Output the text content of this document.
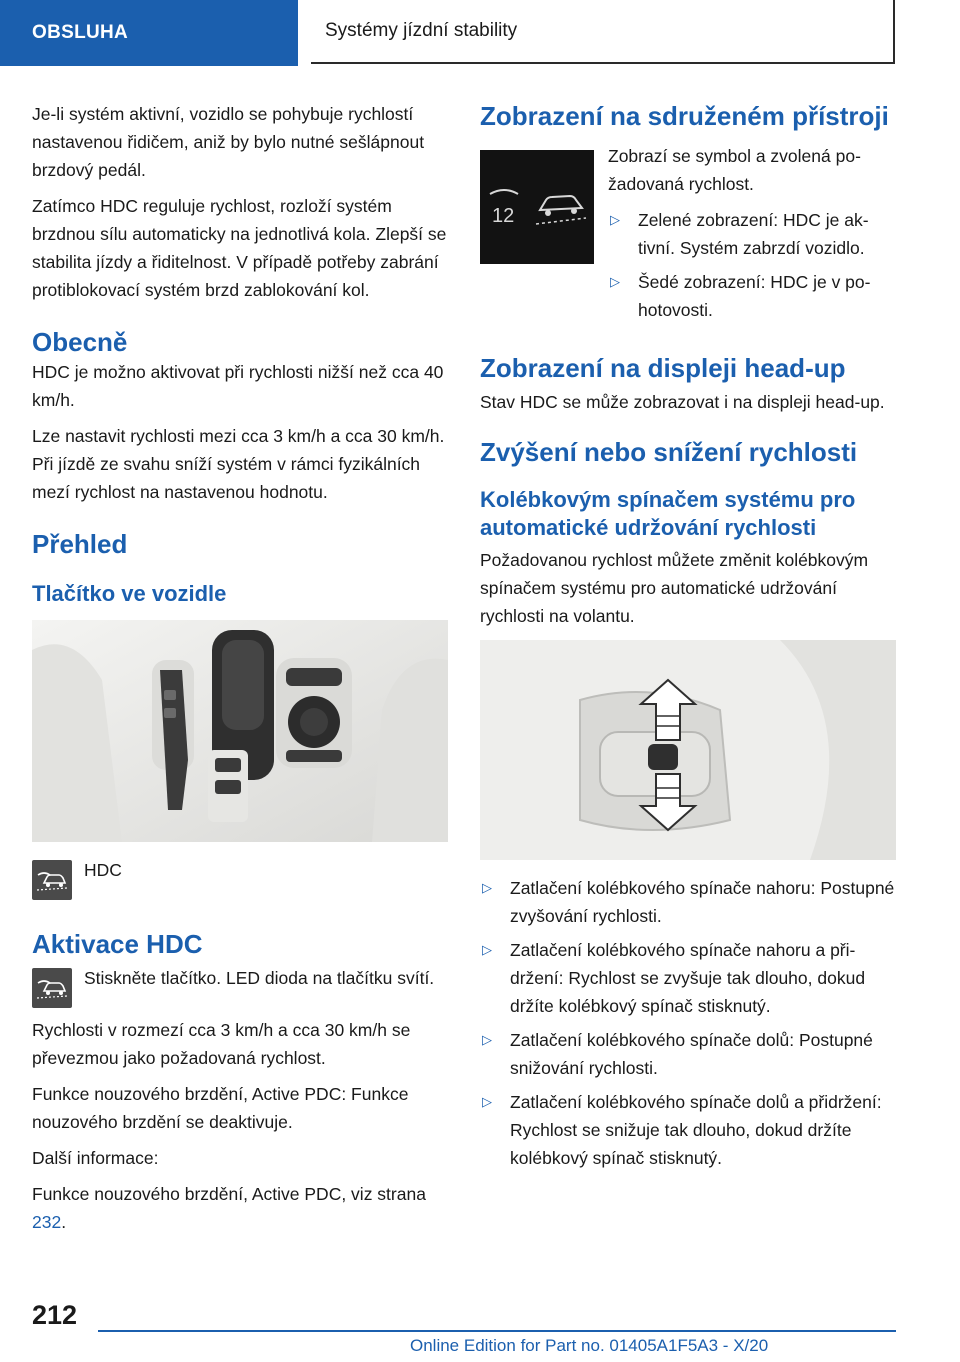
OBSLUHA	Systémy jízdní stability

Je-li systém aktivní, vozidlo se pohybuje rychlostí nastavenou řidičem, aniž by bylo nutné sešlápnout brzdový pedál.

Zatímco HDC reguluje rychlost, rozloží systém brzdnou sílu automaticky na jednotlivá kola. Zlepší se stabilita jízdy a řiditelnost. V případě potřeby zabrání protiblokovací systém brzd zablokování kol.

Obecně

HDC je možno aktivovat při rychlosti nižší než cca 40 km/h.

Lze nastavit rychlosti mezi cca 3 km/h a cca 30 km/h. Při jízdě ze svahu sníží systém v rámci fyzikálních mezí rychlost na nastavenou hodnotu.

Přehled
Tlačítko ve vozidle
HDC
Aktivace HDC
Stiskněte tlačítko. LED dioda na tlačítku svítí.

Rychlosti v rozmezí cca 3 km/h a cca 30 km/h se převezmou jako požadovaná rychlost.

Funkce nouzového brzdění, Active PDC: Funkce nouzového brzdění se deaktivuje.

Další informace:

Funkce nouzového brzdění, Active PDC, viz strana 232.

Zobrazení na sdruženém přístroji
12

Zobrazí se symbol a zvolená požadovaná rychlost.

▷ Zelené zobrazení: HDC je aktivní. Systém zabrzdí vozidlo.
▷ Šedé zobrazení: HDC je v pohotovosti.
Zobrazení na displeji head-up

Stav HDC se může zobrazovat i na displeji head-up.

Zvýšení nebo snížení rychlosti
Kolébkovým spínačem systému pro automatické udržování rychlosti

Požadovanou rychlost můžete změnit kolébkovým spínačem systému pro automatické udržování rychlosti na volantu.

▷ Zatlačení kolébkového spínače nahoru: Postupné zvyšování rychlosti.
▷ Zatlačení kolébkového spínače nahoru a přidržení: Rychlost se zvyšuje tak dlouho, dokud držíte kolébkový spínač stisknutý.
▷ Zatlačení kolébkového spínače dolů: Postupné snižování rychlosti.
▷ Zatlačení kolébkového spínače dolů a přidržení: Rychlost se snižuje tak dlouho, dokud držíte kolébkový spínač stisknutý.
212
Online Edition for Part no. 01405A1F5A3 - X/20
